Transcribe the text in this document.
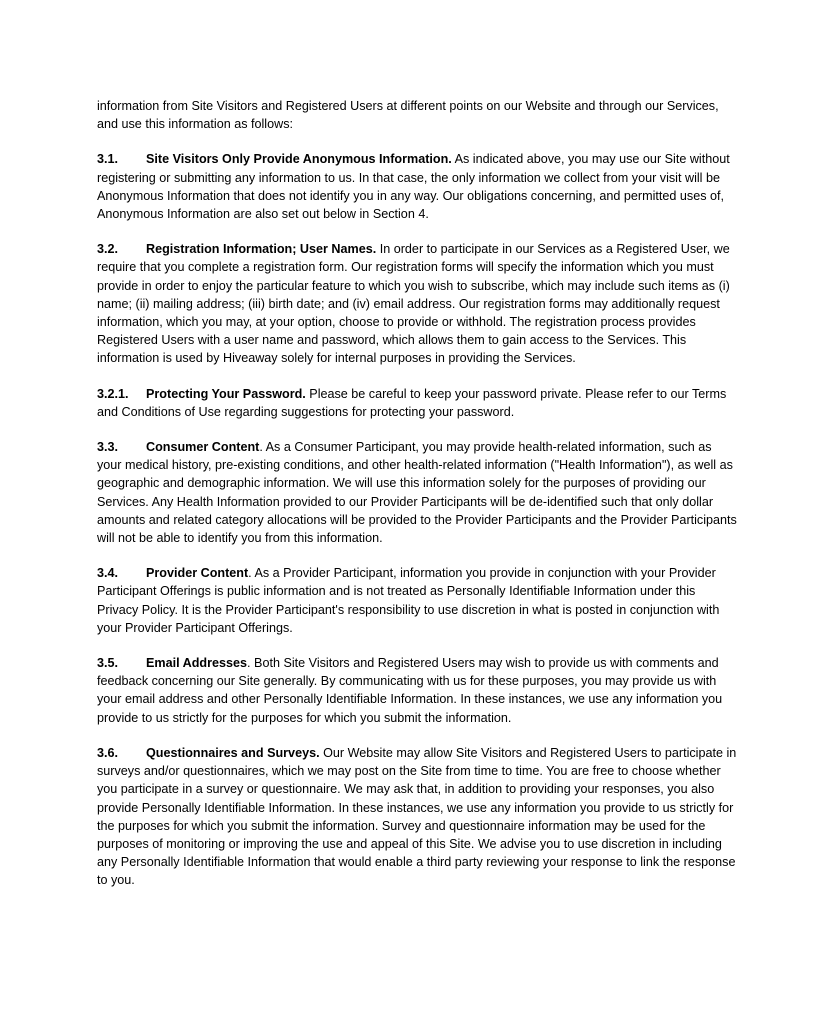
information from Site Visitors and Registered Users at different points on our Website and through our Services, and use this information as follows:

3.1. Site Visitors Only Provide Anonymous Information. As indicated above, you may use our Site without registering or submitting any information to us. In that case, the only information we collect from your visit will be Anonymous Information that does not identify you in any way. Our obligations concerning, and permitted uses of, Anonymous Information are also set out below in Section 4.

3.2. Registration Information; User Names. In order to participate in our Services as a Registered User, we require that you complete a registration form. Our registration forms will specify the information which you must provide in order to enjoy the particular feature to which you wish to subscribe, which may include such items as (i) name; (ii) mailing address; (iii) birth date; and (iv) email address. Our registration forms may additionally request information, which you may, at your option, choose to provide or withhold. The registration process provides Registered Users with a user name and password, which allows them to gain access to the Services. This information is used by Hiveaway solely for internal purposes in providing the Services.

3.2.1. Protecting Your Password. Please be careful to keep your password private. Please refer to our Terms and Conditions of Use regarding suggestions for protecting your password.

3.3. Consumer Content. As a Consumer Participant, you may provide health-related information, such as your medical history, pre-existing conditions, and other health-related information ("Health Information"), as well as geographic and demographic information. We will use this information solely for the purposes of providing our Services. Any Health Information provided to our Provider Participants will be de-identified such that only dollar amounts and related category allocations will be provided to the Provider Participants and the Provider Participants will not be able to identify you from this information.

3.4. Provider Content. As a Provider Participant, information you provide in conjunction with your Provider Participant Offerings is public information and is not treated as Personally Identifiable Information under this Privacy Policy. It is the Provider Participant's responsibility to use discretion in what is posted in conjunction with your Provider Participant Offerings.

3.5. Email Addresses. Both Site Visitors and Registered Users may wish to provide us with comments and feedback concerning our Site generally. By communicating with us for these purposes, you may provide us with your email address and other Personally Identifiable Information. In these instances, we use any information you provide to us strictly for the purposes for which you submit the information.

3.6. Questionnaires and Surveys. Our Website may allow Site Visitors and Registered Users to participate in surveys and/or questionnaires, which we may post on the Site from time to time. You are free to choose whether you participate in a survey or questionnaire. We may ask that, in addition to providing your responses, you also provide Personally Identifiable Information. In these instances, we use any information you provide to us strictly for the purposes for which you submit the information. Survey and questionnaire information may be used for the purposes of monitoring or improving the use and appeal of this Site. We advise you to use discretion in including any Personally Identifiable Information that would enable a third party reviewing your response to link the response to you.
